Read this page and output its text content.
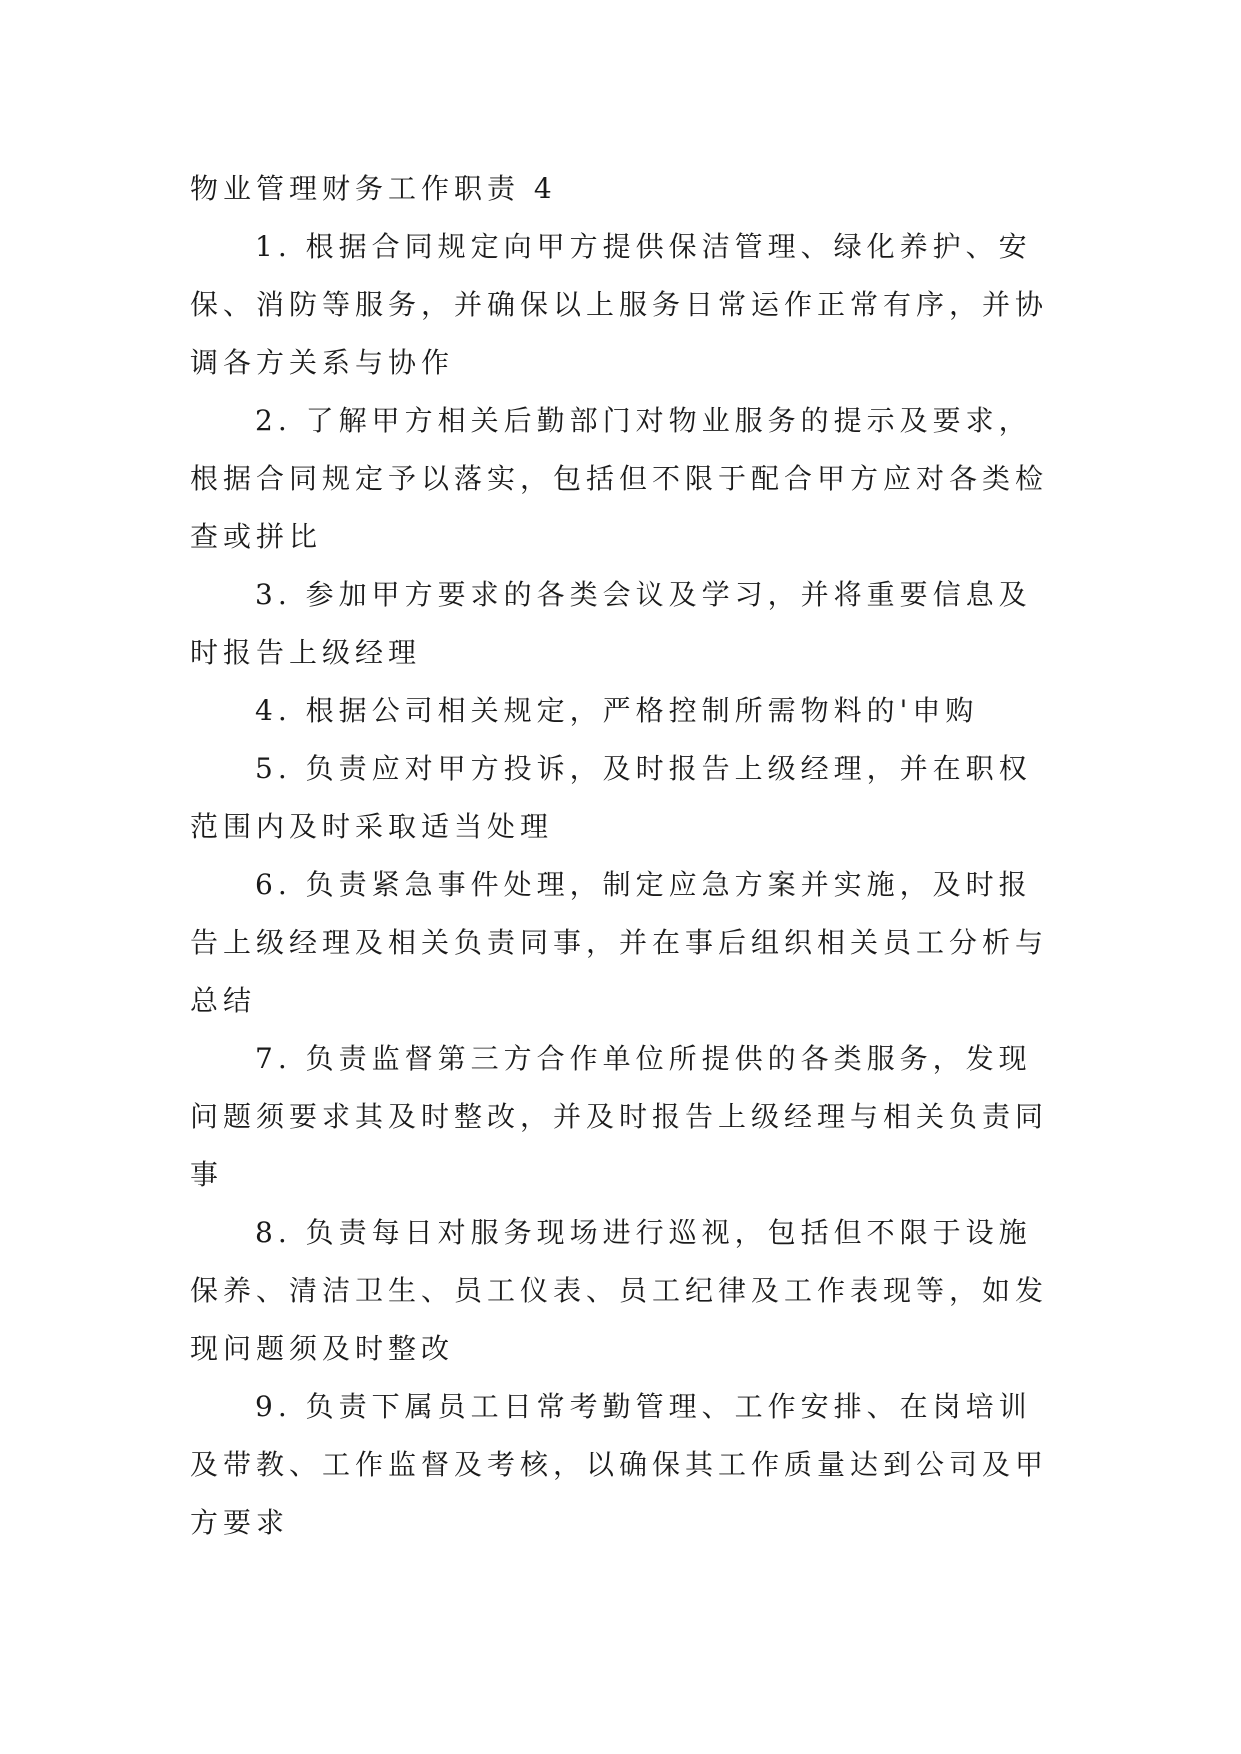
物业管理财务工作职责 4

1. 根据合同规定向甲方提供保洁管理、绿化养护、安保、消防等服务，并确保以上服务日常运作正常有序，并协调各方关系与协作

2. 了解甲方相关后勤部门对物业服务的提示及要求，根据合同规定予以落实，包括但不限于配合甲方应对各类检查或拼比

3. 参加甲方要求的各类会议及学习，并将重要信息及时报告上级经理

4. 根据公司相关规定，严格控制所需物料的'申购

5. 负责应对甲方投诉，及时报告上级经理，并在职权范围内及时采取适当处理

6. 负责紧急事件处理，制定应急方案并实施，及时报告上级经理及相关负责同事，并在事后组织相关员工分析与总结

7. 负责监督第三方合作单位所提供的各类服务，发现问题须要求其及时整改，并及时报告上级经理与相关负责同事

8. 负责每日对服务现场进行巡视，包括但不限于设施保养、清洁卫生、员工仪表、员工纪律及工作表现等，如发现问题须及时整改

9. 负责下属员工日常考勤管理、工作安排、在岗培训及带教、工作监督及考核，以确保其工作质量达到公司及甲方要求
